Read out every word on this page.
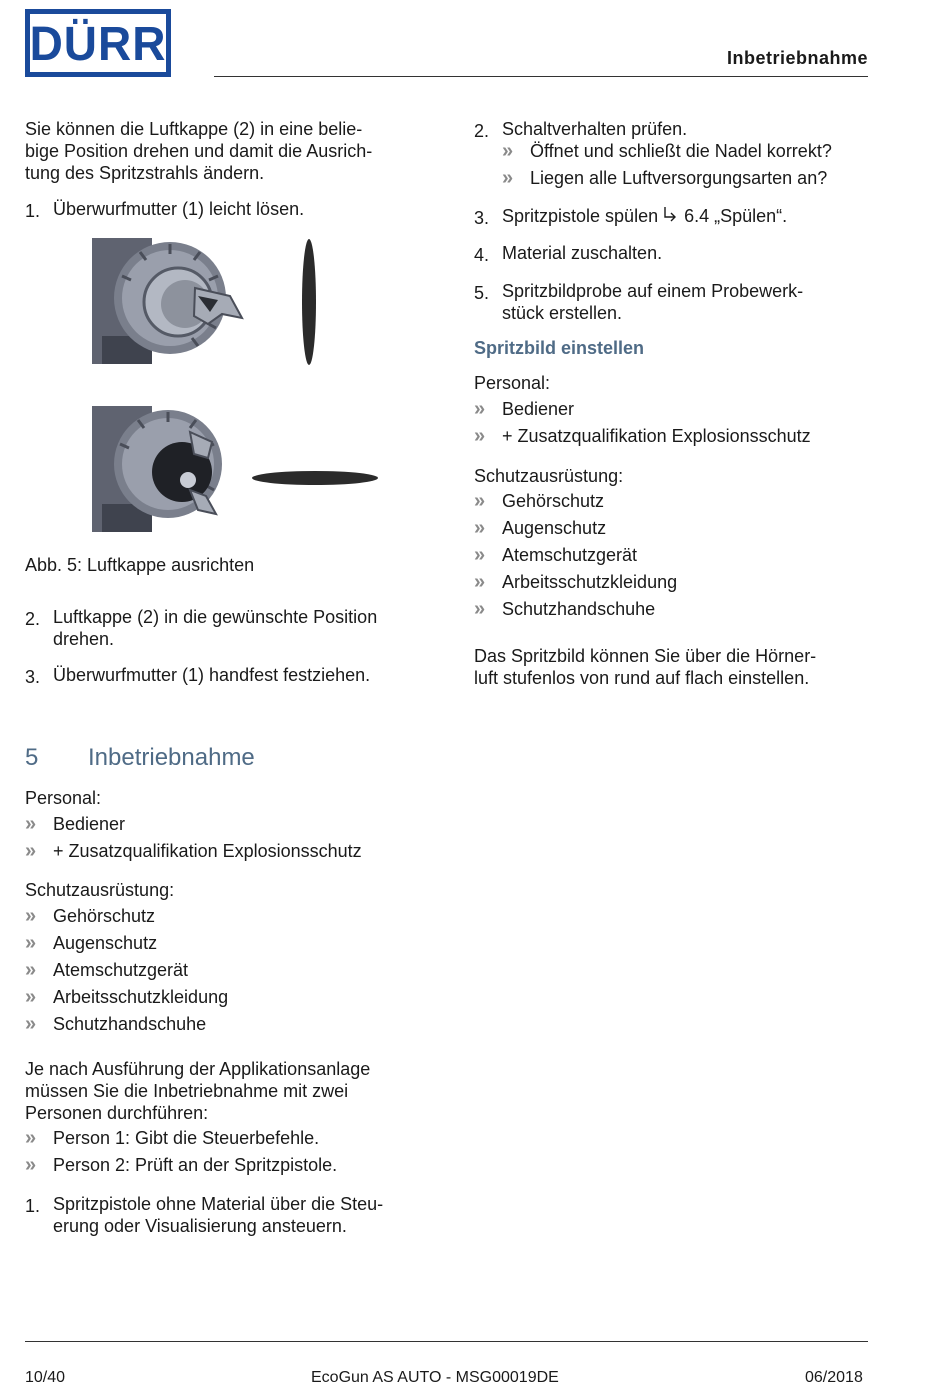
DÜRR	Inbetriebnahme

Sie können die Luftkappe (2) in eine belie-

bige Position drehen und damit die Ausrich-

tung des Spritzstrahls ändern.

1. Überwurfmutter (1) leicht lösen.
Abb. 5: Luftkappe ausrichten
2. Luftkappe (2) in die gewünschte Position
drehen.
3. Überwurfmutter (1) handfest festziehen.
5 Inbetriebnahme
Personal:
» Bediener
» + Zusatzqualifikation Explosionsschutz
Schutzausrüstung:
» Gehörschutz
» Augenschutz
» Atemschutzgerät
» Arbeitsschutzkleidung
» Schutzhandschuhe

Je nach Ausführung der Applikationsanlage

müssen Sie die Inbetriebnahme mit zwei

Personen durchführen:

» Person 1: Gibt die Steuerbefehle.
» Person 2: Prüft an der Spritzpistole.
1. Spritzpistole ohne Material über die Steu-
erung oder Visualisierung ansteuern.
2. Schaltverhalten prüfen.
» Öffnet und schließt die Nadel korrekt?
» Liegen alle Luftversorgungsarten an?
3. Spritzpistole spülen  6.4 „Spülen“.
4. Material zuschalten.
5. Spritzbildprobe auf einem Probewerk-
stück erstellen.
Spritzbild einstellen
Personal:
» Bediener
» + Zusatzqualifikation Explosionsschutz
Schutzausrüstung:
» Gehörschutz
» Augenschutz
» Atemschutzgerät
» Arbeitsschutzkleidung
» Schutzhandschuhe

Das Spritzbild können Sie über die Hörner-

luft stufenlos von rund auf flach einstellen.

10/40	EcoGun AS AUTO - MSG00019DE	06/2018
